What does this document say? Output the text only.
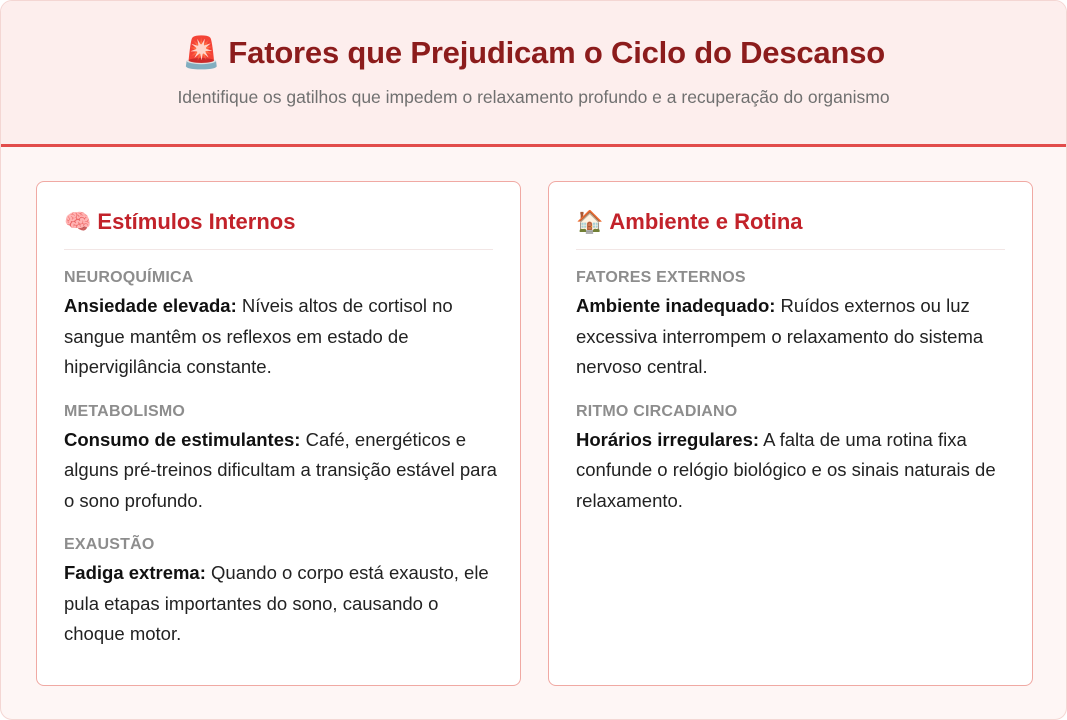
🚨 Fatores que Prejudicam o Ciclo do Descanso
Identifique os gatilhos que impedem o relaxamento profundo e a recuperação do organismo
🧠 Estímulos Internos
NEUROQUÍMICA
Ansiedade elevada: Níveis altos de cortisol no sangue mantêm os reflexos em estado de hipervigilância constante.
METABOLISMO
Consumo de estimulantes: Café, energéticos e alguns pré-treinos dificultam a transição estável para o sono profundo.
EXAUSTÃO
Fadiga extrema: Quando o corpo está exausto, ele pula etapas importantes do sono, causando o choque motor.
🏠 Ambiente e Rotina
FATORES EXTERNOS
Ambiente inadequado: Ruídos externos ou luz excessiva interrompem o relaxamento do sistema nervoso central.
RITMO CIRCADIANO
Horários irregulares: A falta de uma rotina fixa confunde o relógio biológico e os sinais naturais de relaxamento.
